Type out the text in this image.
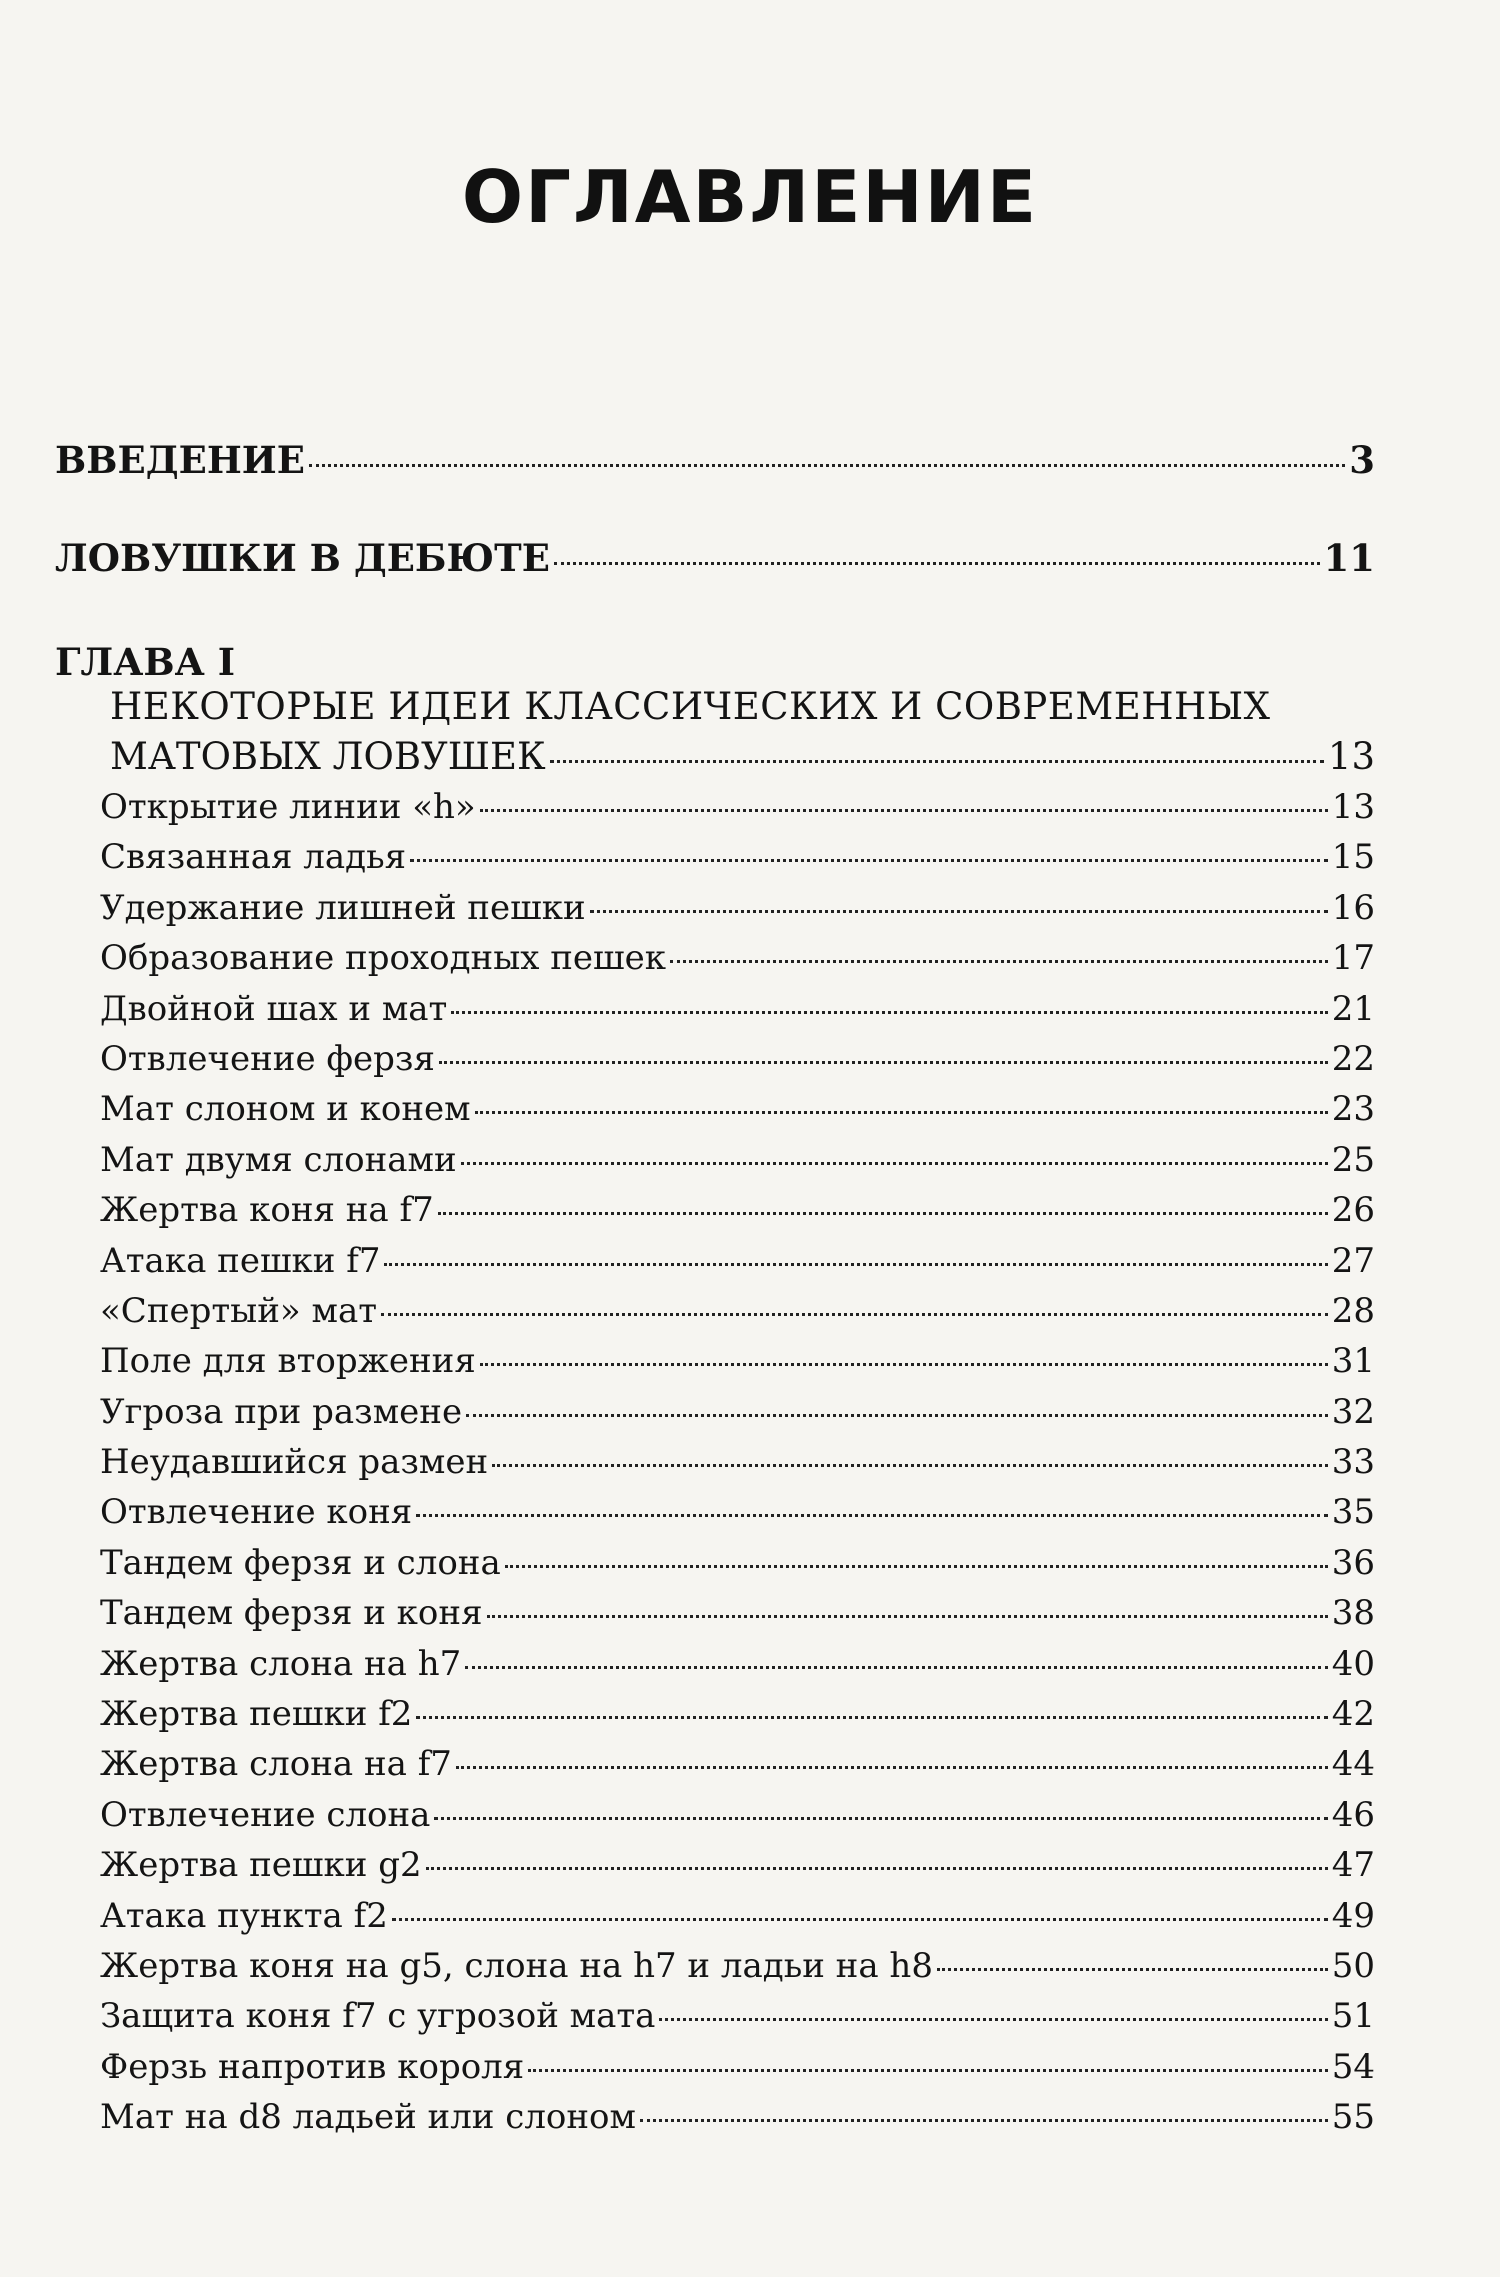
ОГЛАВЛЕНИЕ
ВВЕДЕНИЕ	3
ЛОВУШКИ В ДЕБЮТЕ	11
ГЛАВА I
НЕКОТОРЫЕ ИДЕИ КЛАССИЧЕСКИХ И СОВРЕМЕННЫХ
МАТОВЫХ ЛОВУШЕК	13
Открытие линии «h»	13
Связанная ладья	15
Удержание лишней пешки	16
Образование проходных пешек	17
Двойной шах и мат	21
Отвлечение ферзя	22
Мат слоном и конем	23
Мат двумя слонами	25
Жертва коня на f7	26
Атака пешки f7	27
«Спертый» мат	28
Поле для вторжения	31
Угроза при размене	32
Неудавшийся размен	33
Отвлечение коня	35
Тандем ферзя и слона	36
Тандем ферзя и коня	38
Жертва слона на h7	40
Жертва пешки f2	42
Жертва слона на f7	44
Отвлечение слона	46
Жертва пешки g2	47
Атака пункта f2	49
Жертва коня на g5, слона на h7 и ладьи на h8	50
Защита коня f7 с угрозой мата	51
Ферзь напротив короля	54
Мат на d8 ладьей или слоном	55
